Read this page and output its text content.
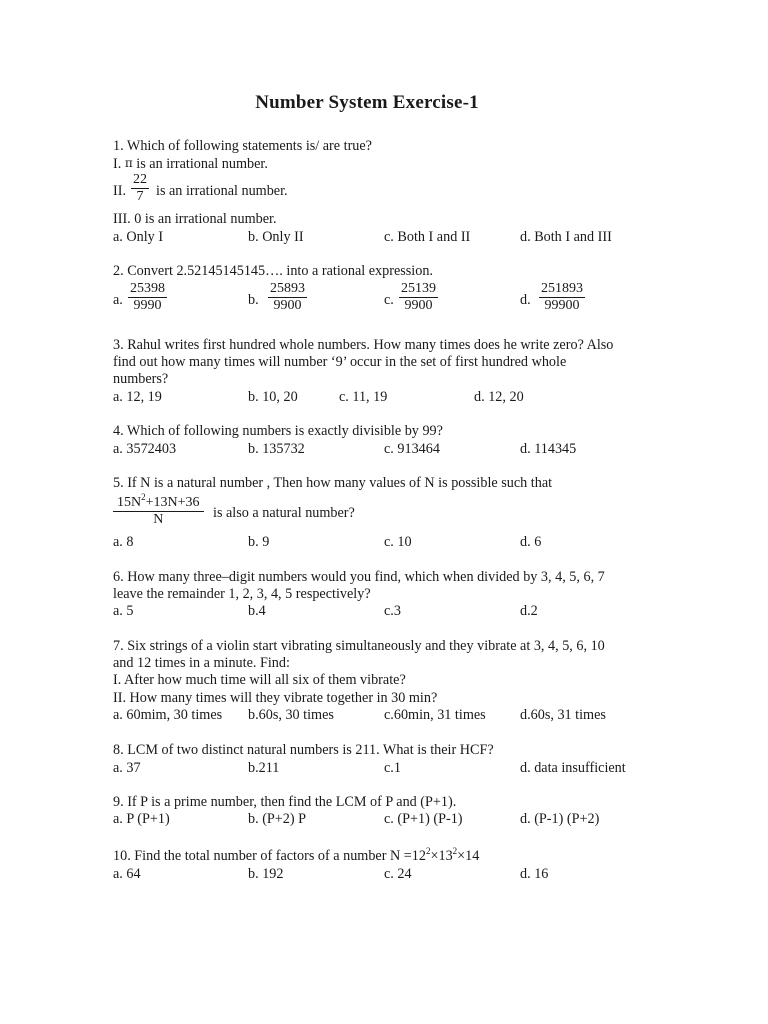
Number System Exercise-1
1. Which of following statements is/ are true?
I. π is an irrational number.
II. $\frac{22}{7}$ is an irrational number.
III. 0 is an irrational number.
a. Only I	b. Only II	c. Both I and II	d. Both I and III
2. Convert 2.52145145145…. into a rational expression.
a. $\frac{25398}{9990}$	b. $\frac{25893}{9900}$	c. $\frac{25139}{9900}$	d. $\frac{251893}{99900}$
3. Rahul writes first hundred whole numbers. How many times does he write zero? Also
find out how many times will number ‘9’ occur in the set of first hundred whole
numbers?
a. 12, 19	b. 10, 20	c. 11, 19	d. 12, 20
4. Which of following numbers is exactly divisible by 99?
a. 3572403	b. 135732	c. 913464	d. 114345
5. If N is a natural number , Then how many values of N is possible such that
$\frac{15N^2+13N+36}{N}$ is also a natural number?
a. 8	b. 9	c. 10	d. 6
6. How many three–digit numbers would you find, which when divided by 3, 4, 5, 6, 7
leave the remainder 1, 2, 3, 4, 5 respectively?
a. 5	b.4	c.3	d.2
7. Six strings of a violin start vibrating simultaneously and they vibrate at 3, 4, 5, 6, 10
and 12 times in a minute. Find:
I. After how much time will all six of them vibrate?
II. How many times will they vibrate together in 30 min?
a. 60mim, 30 times b.60s, 30 times	c.60min, 31 times d.60s, 31 times
8. LCM of two distinct natural numbers is 211. What is their HCF?
a. 37	b.211	c.1	d. data insufficient
9. If P is a prime number, then find the LCM of P and (P+1).
a. P (P+1)	b. (P+2) P	c. (P+1) (P-1)	d. (P-1) (P+2)
10. Find the total number of factors of a number $N =12^2\times 13^2\times 14$
a. 64	b. 192	c. 24	d. 16
